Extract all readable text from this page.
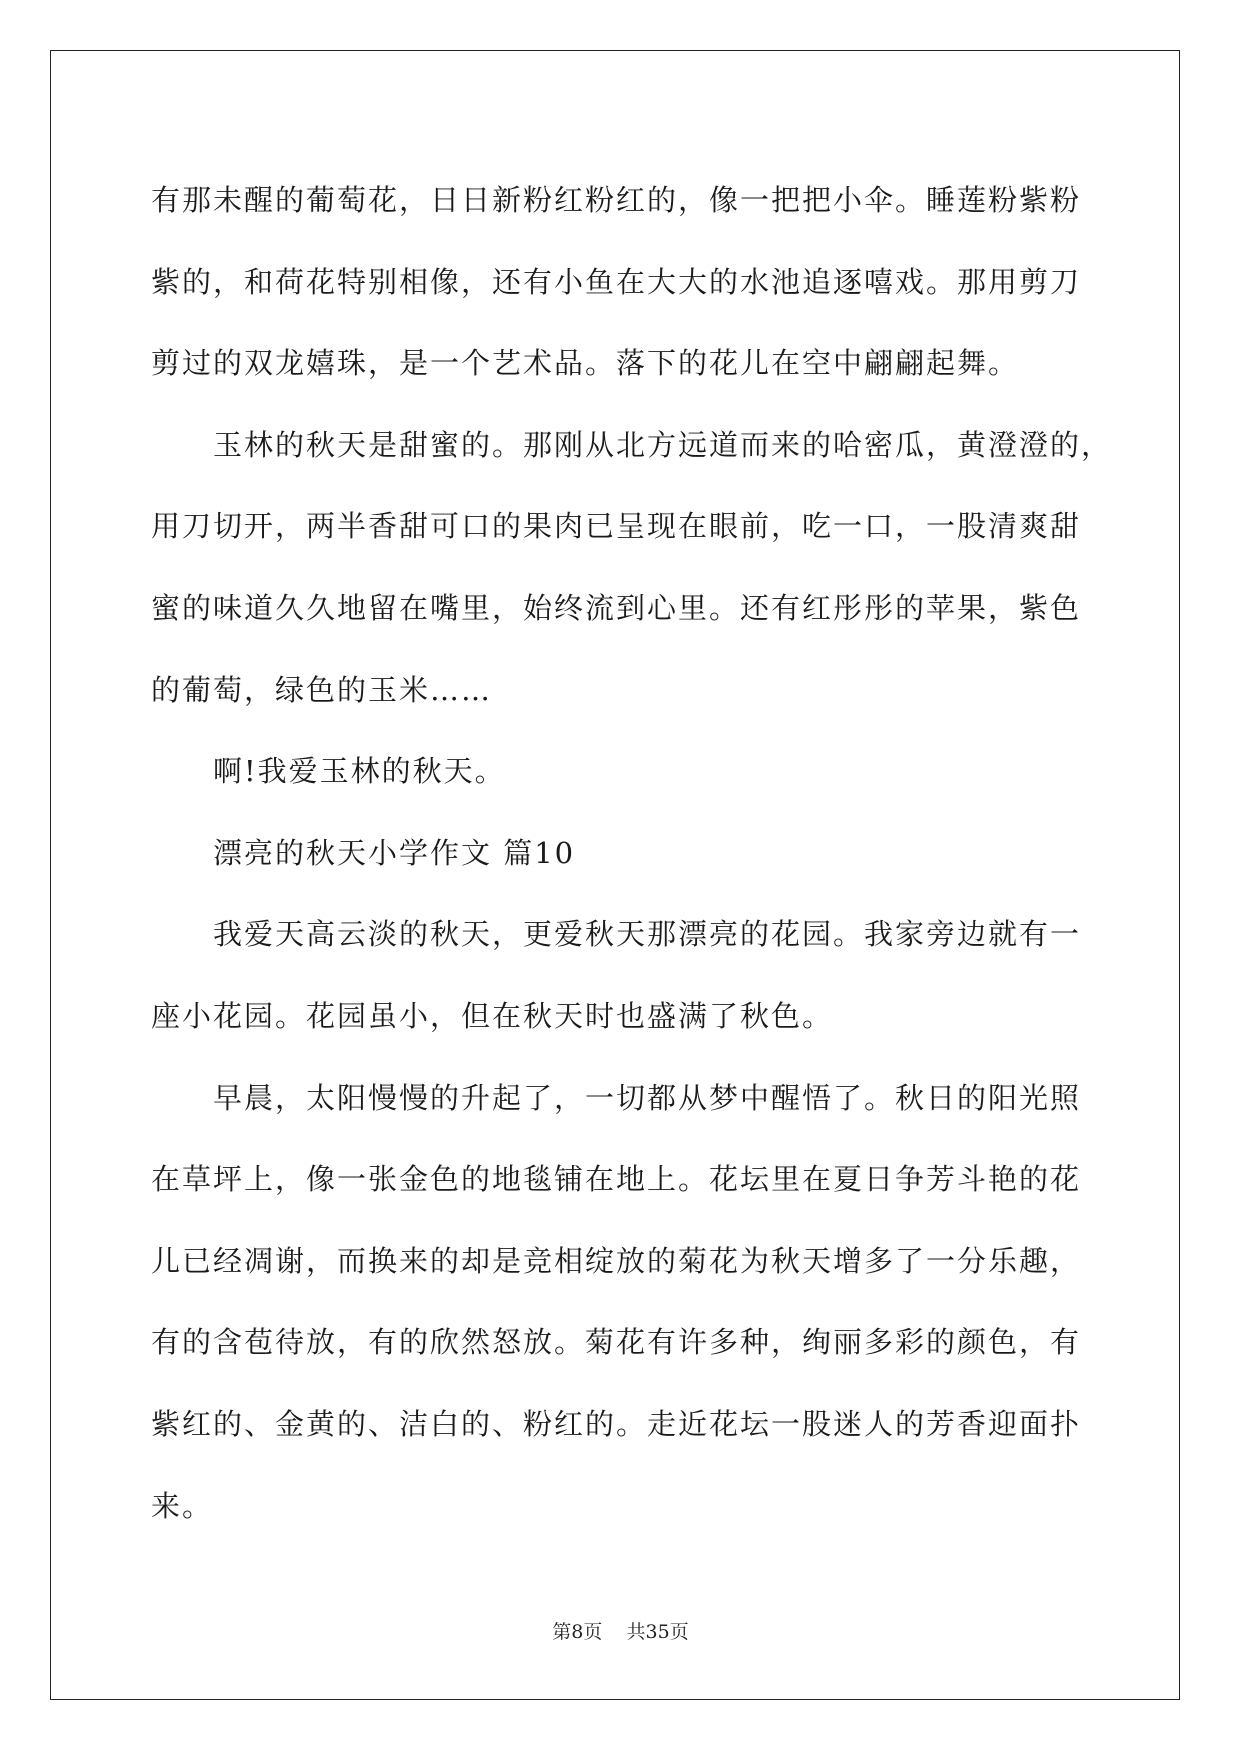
有那未醒的葡萄花，日日新粉红粉红的，像一把把小伞。睡莲粉紫粉

紫的，和荷花特别相像，还有小鱼在大大的水池追逐嘻戏。那用剪刀

剪过的双龙嬉珠，是一个艺术品。落下的花儿在空中翩翩起舞。

玉林的秋天是甜蜜的。那刚从北方远道而来的哈密瓜，黄澄澄的，

用刀切开，两半香甜可口的果肉已呈现在眼前，吃一口，一股清爽甜

蜜的味道久久地留在嘴里，始终流到心里。还有红彤彤的苹果，紫色

的葡萄，绿色的玉米……

啊!我爱玉林的秋天。

漂亮的秋天小学作文 篇10

我爱天高云淡的秋天，更爱秋天那漂亮的花园。我家旁边就有一

座小花园。花园虽小，但在秋天时也盛满了秋色。

早晨，太阳慢慢的升起了，一切都从梦中醒悟了。秋日的阳光照

在草坪上，像一张金色的地毯铺在地上。花坛里在夏日争芳斗艳的花

儿已经凋谢，而换来的却是竞相绽放的菊花为秋天增多了一分乐趣，

有的含苞待放，有的欣然怒放。菊花有许多种，绚丽多彩的颜色，有

紫红的、金黄的、洁白的、粉红的。走近花坛一股迷人的芳香迎面扑

来。

第8页 共35页
